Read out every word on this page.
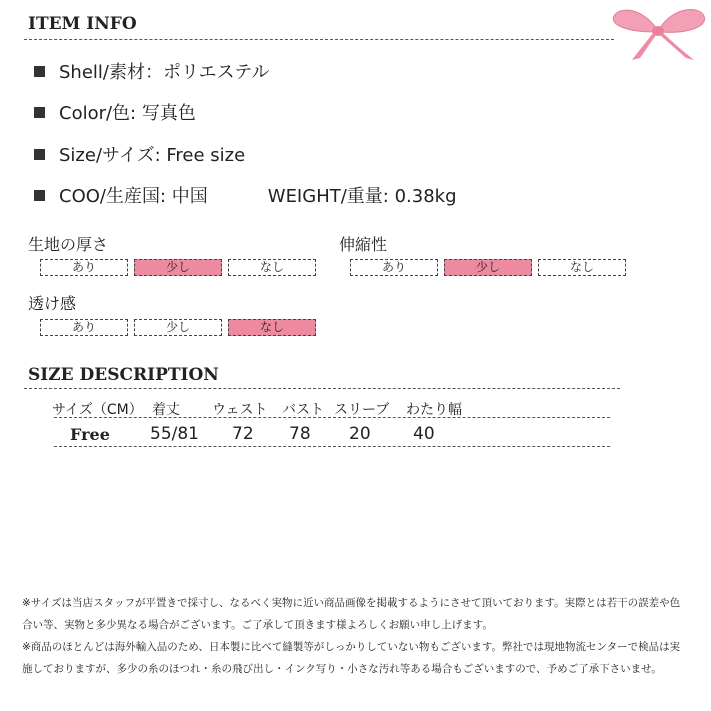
ITEM INFO
Shell/素材：ポリエステル
Color/色: 写真色
Size/サイズ: Free size
COO/生産国: 中国	WEIGHT/重量: 0.38kg
生地の厚さ
あり	少し	なし
伸縮性
あり	少し	なし
透け感
あり	少し	なし
SIZE DESCRIPTION
サイズ（CM） 着丈 ウェスト バスト スリーブ わたり幅
Free 55/81 72 78 20 40
※サイズは当店スタッフが平置きで採寸し、なるべく実物に近い商品画像を掲載するようにさせて頂いております。実際とは若干の誤差や色合い等、実物と多少異なる場合がございます。ご了承して頂きます様よろしくお願い申し上げます。
※商品のほとんどは海外輸入品のため、日本製に比べて縫製等がしっかりしていない物もございます。弊社では現地物流センターで検品は実施しておりますが、多少の糸のほつれ・糸の飛び出し・インク写り・小さな汚れ等ある場合もございますので、予めご了承下さいませ。
